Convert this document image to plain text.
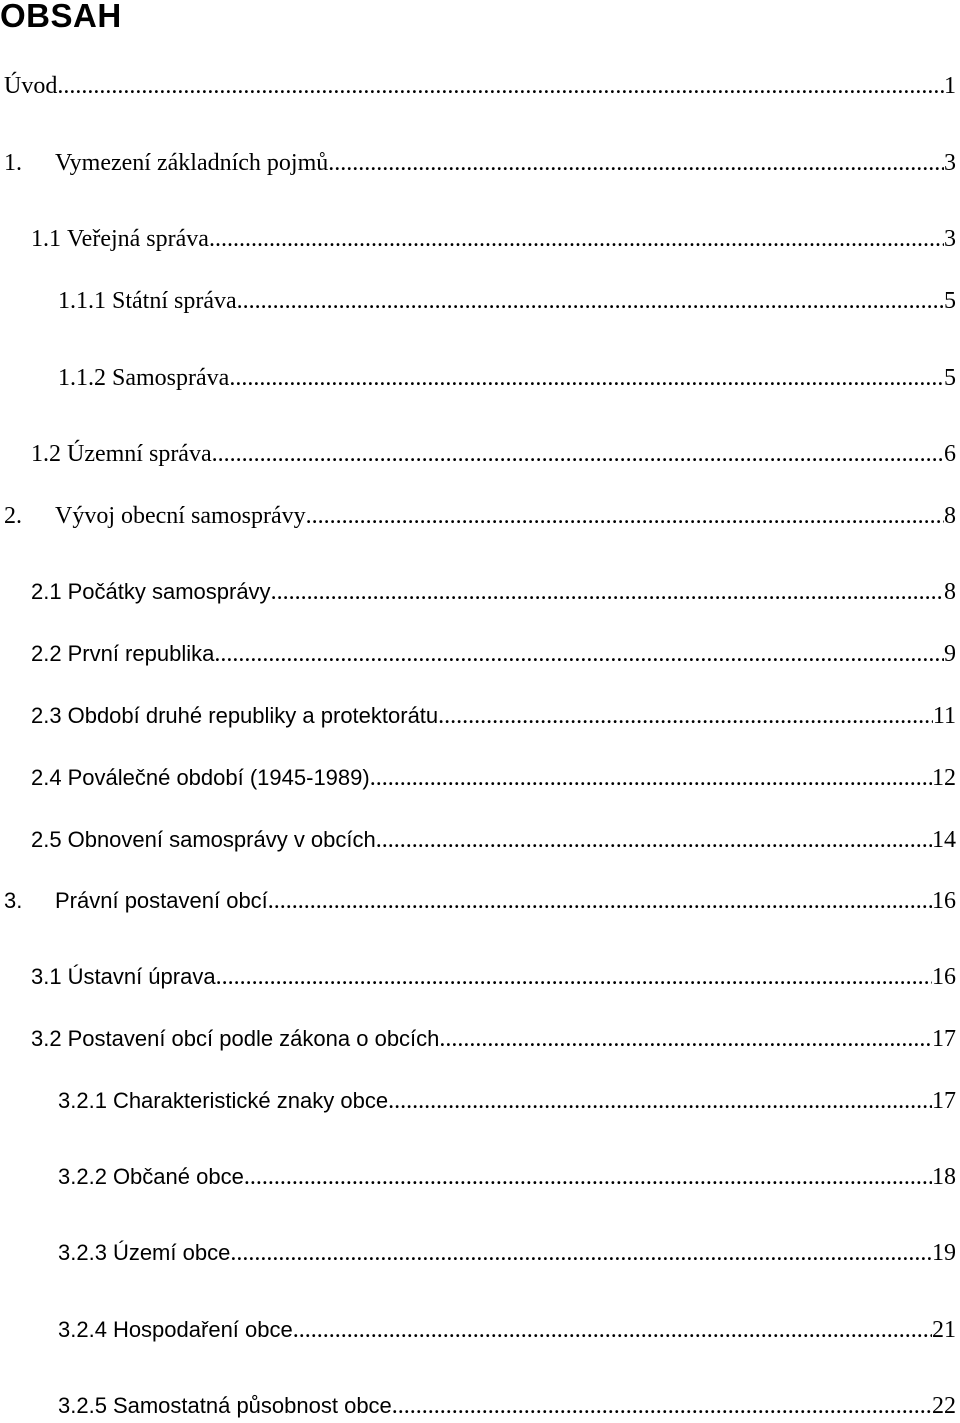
OBSAH
Úvod .....	1
1.	Vymezení základních pojmů .....	3
1.1 Veřejná správa .....	3
1.1.1 Státní správa .....	5
1.1.2 Samospráva .....	5
1.2 Územní správa .....	6
2.	Vývoj obecní samosprávy .....	8
2.1 Počátky samosprávy .....	8
2.2 První republika .....	9
2.3 Období druhé republiky a protektorátu .....	11
2.4 Poválečné období (1945-1989) .....	12
2.5 Obnovení samosprávy v obcích .....	14
3.	Právní postavení obcí .....	16
3.1 Ústavní úprava .....	16
3.2 Postavení obcí podle zákona o obcích .....	17
3.2.1 Charakteristické znaky obce .....	17
3.2.2 Občané obce .....	18
3.2.3 Území obce .....	19
3.2.4 Hospodaření obce .....	21
3.2.5 Samostatná působnost obce .....	22
